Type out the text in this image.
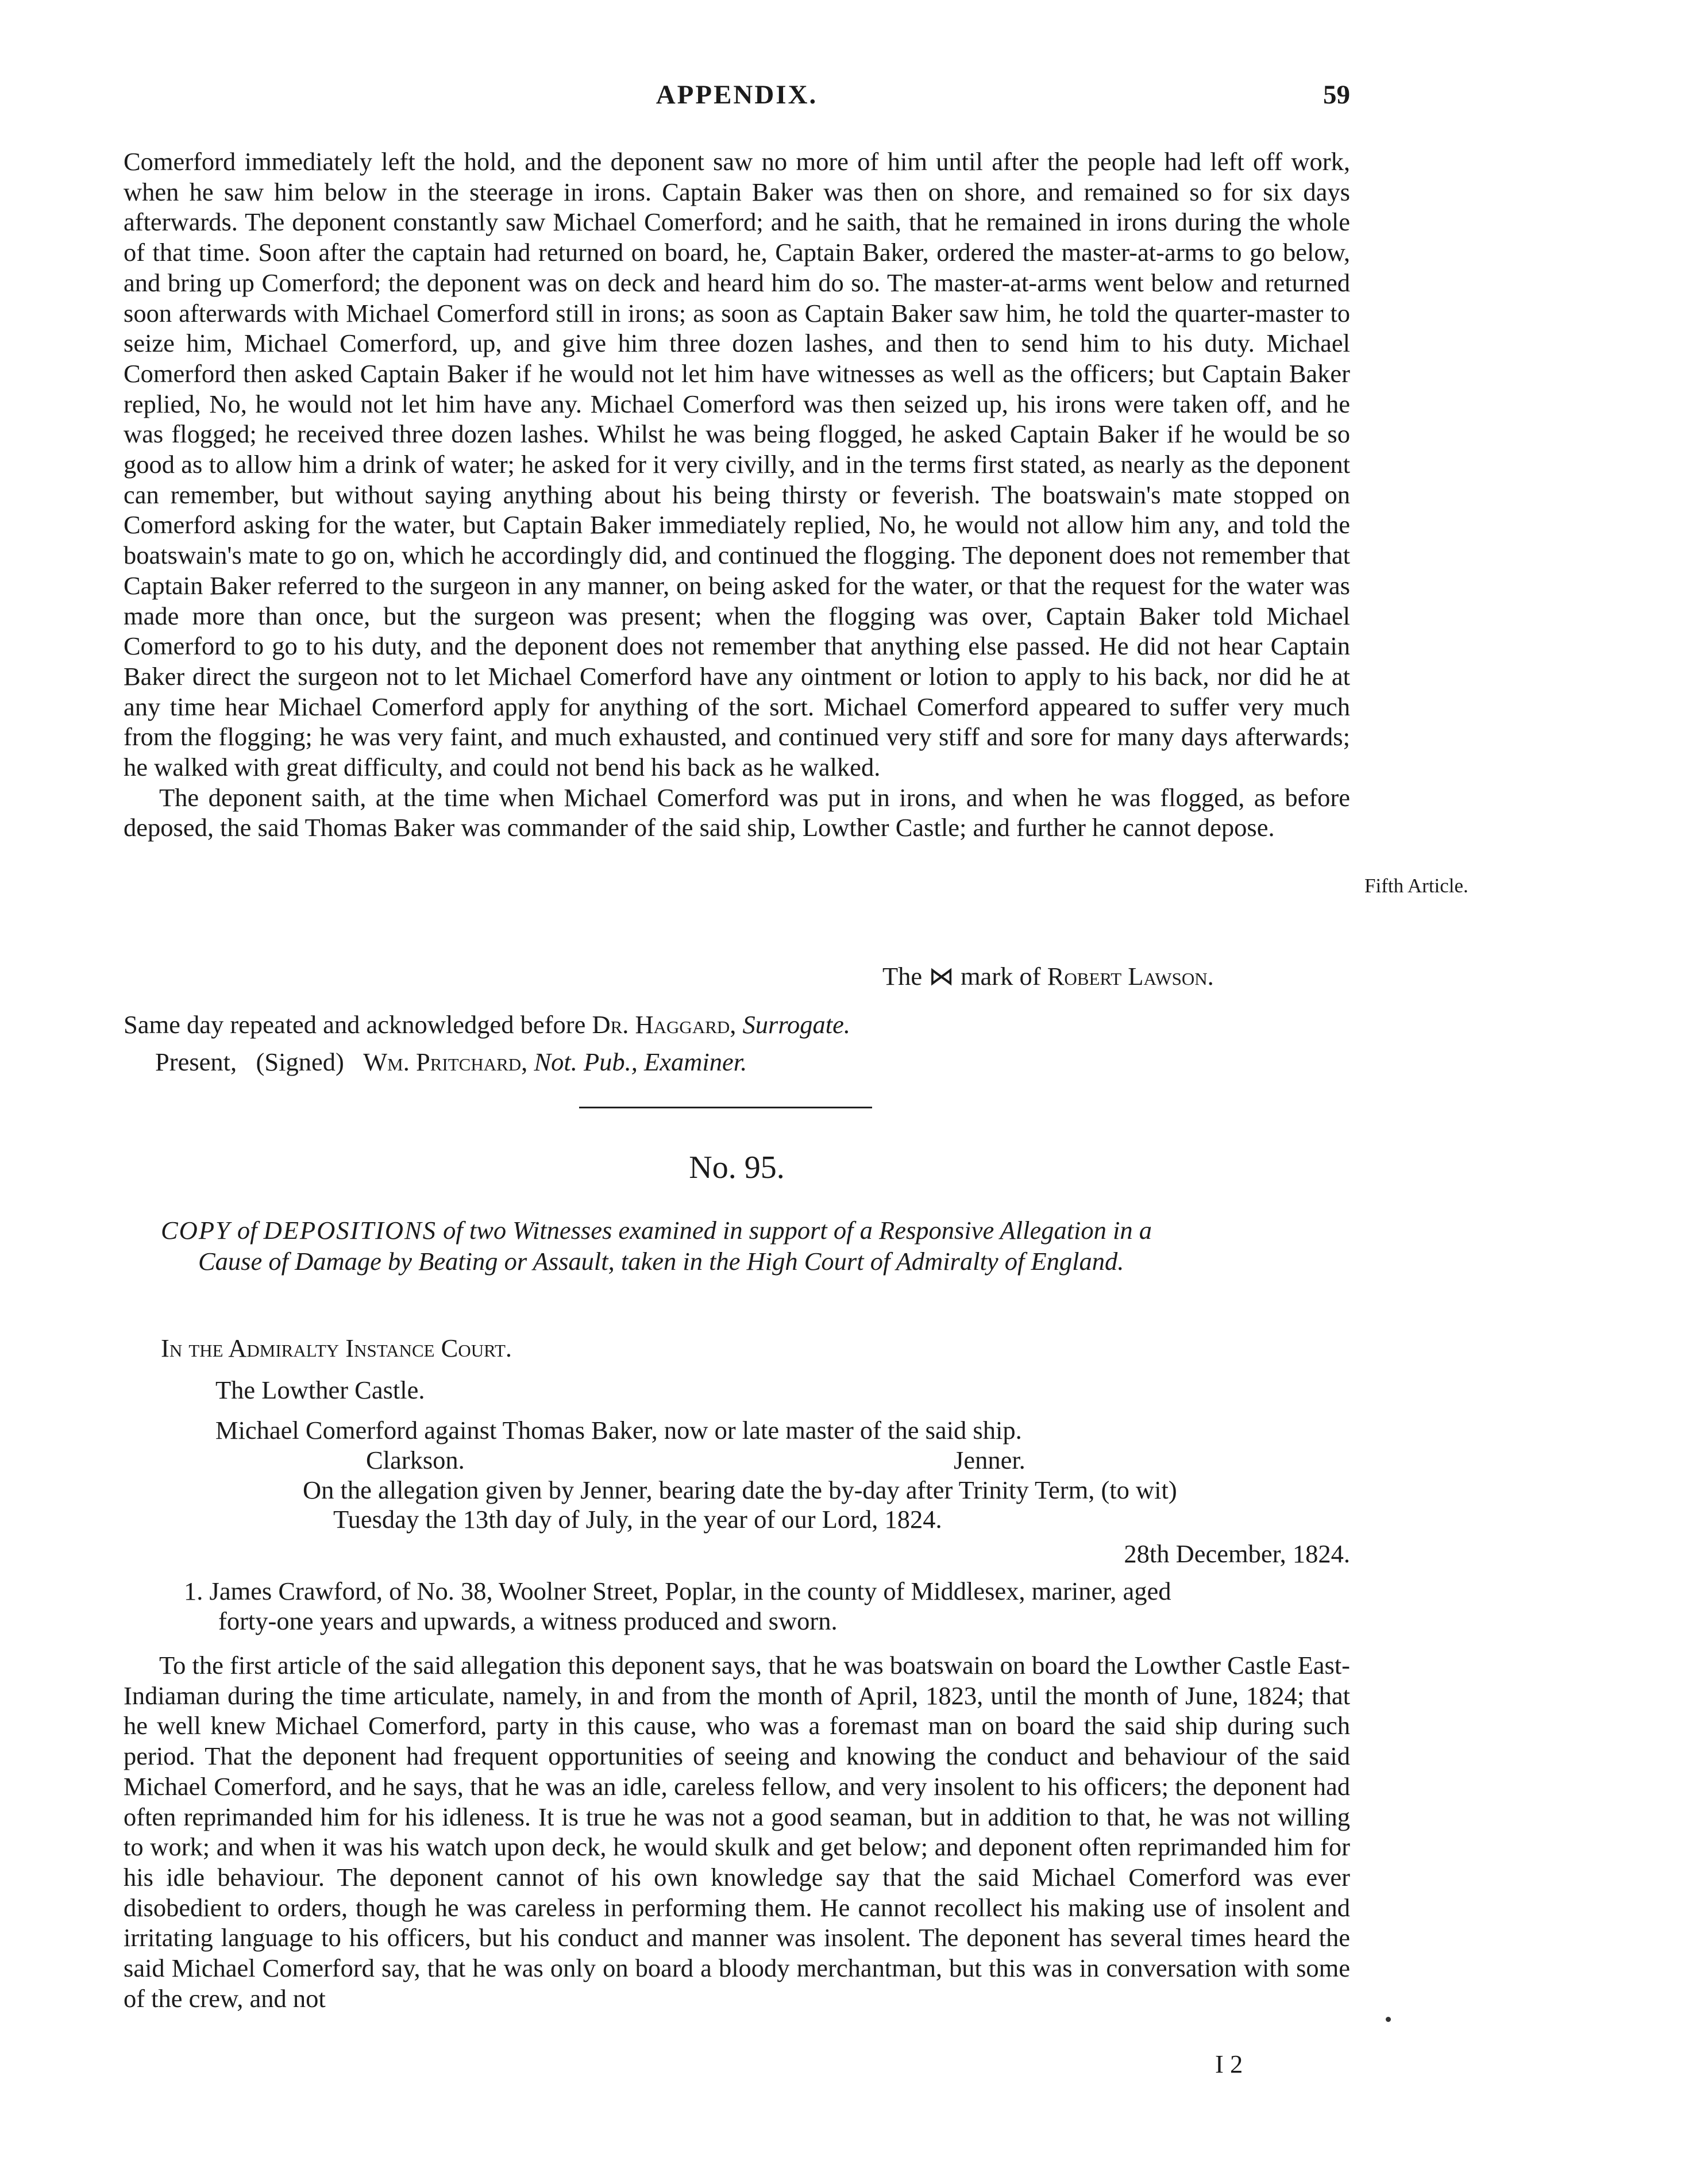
APPENDIX.	59

Comerford immediately left the hold, and the deponent saw no more of him until after the people had left off work, when he saw him below in the steerage in irons. Captain Baker was then on shore, and remained so for six days afterwards. The deponent constantly saw Michael Comerford; and he saith, that he remained in irons during the whole of that time. Soon after the captain had returned on board, he, Captain Baker, ordered the master-at-arms to go below, and bring up Comerford; the deponent was on deck and heard him do so. The master-at-arms went below and returned soon afterwards with Michael Comerford still in irons; as soon as Captain Baker saw him, he told the quarter-master to seize him, Michael Comerford, up, and give him three dozen lashes, and then to send him to his duty. Michael Comerford then asked Captain Baker if he would not let him have witnesses as well as the officers; but Captain Baker replied, No, he would not let him have any. Michael Comerford was then seized up, his irons were taken off, and he was flogged; he received three dozen lashes. Whilst he was being flogged, he asked Captain Baker if he would be so good as to allow him a drink of water; he asked for it very civilly, and in the terms first stated, as nearly as the deponent can remember, but without saying anything about his being thirsty or feverish. The boatswain's mate stopped on Comerford asking for the water, but Captain Baker immediately replied, No, he would not allow him any, and told the boatswain's mate to go on, which he accordingly did, and continued the flogging. The deponent does not remember that Captain Baker referred to the surgeon in any manner, on being asked for the water, or that the request for the water was made more than once, but the surgeon was present; when the flogging was over, Captain Baker told Michael Comerford to go to his duty, and the deponent does not remember that anything else passed. He did not hear Captain Baker direct the surgeon not to let Michael Comerford have any ointment or lotion to apply to his back, nor did he at any time hear Michael Comerford apply for anything of the sort. Michael Comerford appeared to suffer very much from the flogging; he was very faint, and much exhausted, and continued very stiff and sore for many days afterwards; he walked with great difficulty, and could not bend his back as he walked.

The deponent saith, at the time when Michael Comerford was put in irons, and when he was flogged, as before deposed, the said Thomas Baker was commander of the said ship, Lowther Castle; and further he cannot depose.

Fifth Article.
The ⋈ mark of Robert Lawson.
Same day repeated and acknowledged before Dr. Haggard, Surrogate.
Present, (Signed) Wm. Pritchard, Not. Pub., Examiner.
No. 95.
COPY of DEPOSITIONS of two Witnesses examined in support of a Responsive Allegation in a
Cause of Damage by Beating or Assault, taken in the High Court of Admiralty of England.
In the Admiralty Instance Court.
The Lowther Castle.
Michael Comerford against Thomas Baker, now or late master of the said ship.
Clarkson.	Jenner.
On the allegation given by Jenner, bearing date the by-day after Trinity Term, (to wit)
Tuesday the 13th day of July, in the year of our Lord, 1824.
28th December, 1824.
1. James Crawford, of No. 38, Woolner Street, Poplar, in the county of Middlesex, mariner, aged
forty-one years and upwards, a witness produced and sworn.

To the first article of the said allegation this deponent says, that he was boatswain on board the Lowther Castle East-Indiaman during the time articulate, namely, in and from the month of April, 1823, until the month of June, 1824; that he well knew Michael Comerford, party in this cause, who was a foremast man on board the said ship during such period. That the deponent had frequent opportunities of seeing and knowing the conduct and behaviour of the said Michael Comerford, and he says, that he was an idle, careless fellow, and very insolent to his officers; the deponent had often reprimanded him for his idleness. It is true he was not a good seaman, but in addition to that, he was not willing to work; and when it was his watch upon deck, he would skulk and get below; and deponent often reprimanded him for his idle behaviour. The deponent cannot of his own knowledge say that the said Michael Comerford was ever disobedient to orders, though he was careless in performing them. He cannot recollect his making use of insolent and irritating language to his officers, but his conduct and manner was insolent. The deponent has several times heard the said Michael Comerford say, that he was only on board a bloody merchantman, but this was in conversation with some of the crew, and not

I 2
